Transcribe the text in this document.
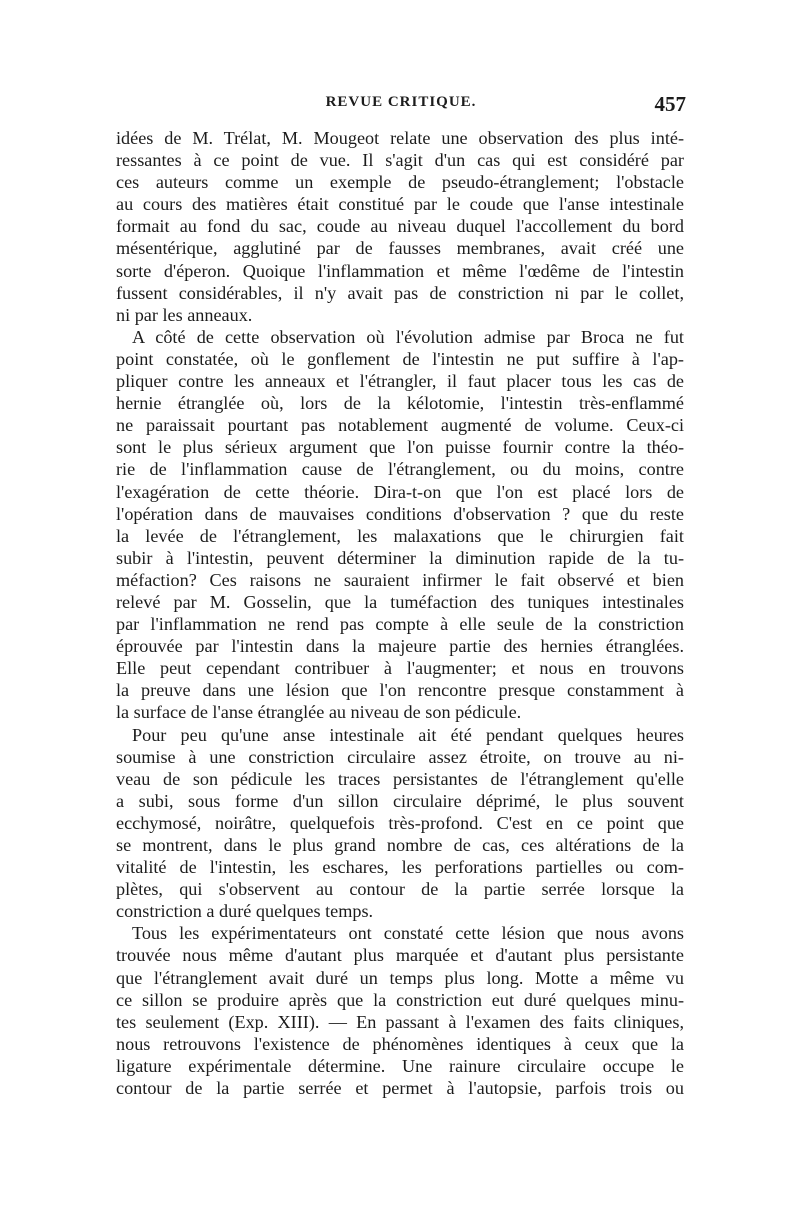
REVUE CRITIQUE.	457
idées de M. Trélat, M. Mougeot relate une observation des plus inté-
ressantes à ce point de vue. Il s'agit d'un cas qui est considéré par
ces auteurs comme un exemple de pseudo-étranglement; l'obstacle
au cours des matières était constitué par le coude que l'anse intestinale
formait au fond du sac, coude au niveau duquel l'accollement du bord
mésentérique, agglutiné par de fausses membranes, avait créé une
sorte d'éperon. Quoique l'inflammation et même l'œdême de l'intestin
fussent considérables, il n'y avait pas de constriction ni par le collet,
ni par les anneaux.
A côté de cette observation où l'évolution admise par Broca ne fut
point constatée, où le gonflement de l'intestin ne put suffire à l'ap-
pliquer contre les anneaux et l'étrangler, il faut placer tous les cas de
hernie étranglée où, lors de la kélotomie, l'intestin très-enflammé
ne paraissait pourtant pas notablement augmenté de volume. Ceux-ci
sont le plus sérieux argument que l'on puisse fournir contre la théo-
rie de l'inflammation cause de l'étranglement, ou du moins, contre
l'exagération de cette théorie. Dira-t-on que l'on est placé lors de
l'opération dans de mauvaises conditions d'observation ? que du reste
la levée de l'étranglement, les malaxations que le chirurgien fait
subir à l'intestin, peuvent déterminer la diminution rapide de la tu-
méfaction? Ces raisons ne sauraient infirmer le fait observé et bien
relevé par M. Gosselin, que la tuméfaction des tuniques intestinales
par l'inflammation ne rend pas compte à elle seule de la constriction
éprouvée par l'intestin dans la majeure partie des hernies étranglées.
Elle peut cependant contribuer à l'augmenter; et nous en trouvons
la preuve dans une lésion que l'on rencontre presque constamment à
la surface de l'anse étranglée au niveau de son pédicule.
Pour peu qu'une anse intestinale ait été pendant quelques heures
soumise à une constriction circulaire assez étroite, on trouve au ni-
veau de son pédicule les traces persistantes de l'étranglement qu'elle
a subi, sous forme d'un sillon circulaire déprimé, le plus souvent
ecchymosé, noirâtre, quelquefois très-profond. C'est en ce point que
se montrent, dans le plus grand nombre de cas, ces altérations de la
vitalité de l'intestin, les eschares, les perforations partielles ou com-
plètes, qui s'observent au contour de la partie serrée lorsque la
constriction a duré quelques temps.
Tous les expérimentateurs ont constaté cette lésion que nous avons
trouvée nous même d'autant plus marquée et d'autant plus persistante
que l'étranglement avait duré un temps plus long. Motte a même vu
ce sillon se produire après que la constriction eut duré quelques minu-
tes seulement (Exp. XIII). — En passant à l'examen des faits cliniques,
nous retrouvons l'existence de phénomènes identiques à ceux que la
ligature expérimentale détermine. Une rainure circulaire occupe le
contour de la partie serrée et permet à l'autopsie, parfois trois ou
